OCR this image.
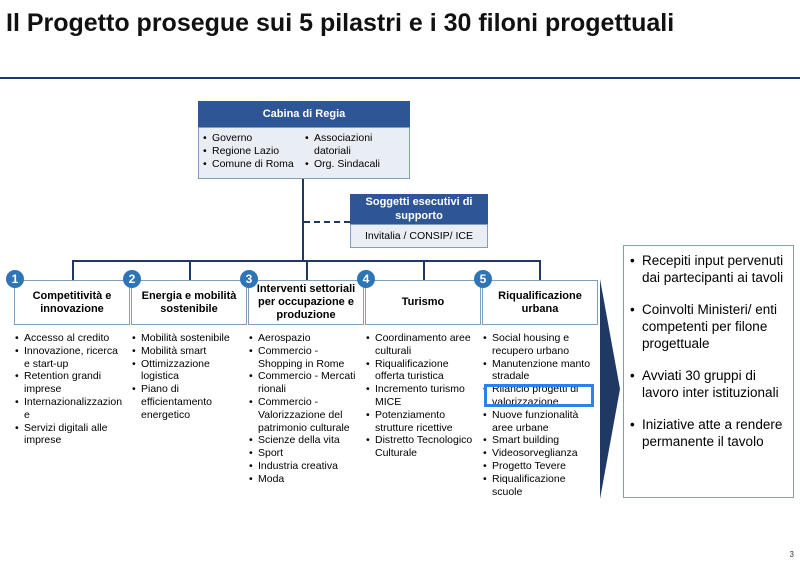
Il Progetto prosegue sui 5 pilastri e i 30 filoni progettuali
Cabina di Regia
• Governo
• Regione Lazio
• Comune di Roma
• Associazioni datoriali
• Org. Sindacali
Soggetti esecutivi di supporto
Invitalia / CONSIP/ ICE
Competitività e innovazione
Energia e mobilità sostenibile
Interventi settoriali per occupazione e produzione
Turismo
Riqualificazione urbana
1	2	3	4	5
• Accesso al credito
• Innovazione, ricerca e start-up
• Retention grandi imprese
• Internazionalizzazione
• Servizi digitali alle imprese
• Mobilità sostenibile
• Mobilità smart
• Ottimizzazione logistica
• Piano di efficientamento energetico
• Aerospazio
• Commercio - Shopping in Rome
• Commercio - Mercati rionali
• Commercio - Valorizzazione del patrimonio culturale
• Scienze della vita
• Sport
• Industria creativa
• Moda
• Coordinamento aree culturali
• Riqualificazione offerta turistica
• Incremento turismo MICE
• Potenziamento strutture ricettive
• Distretto Tecnologico Culturale
• Social housing e recupero urbano
• Manutenzione manto stradale
• Rilancio progetti di valorizzazione
• Nuove funzionalità aree urbane
• Smart building
• Videosorveglianza
• Progetto Tevere
• Riqualificazione scuole
• Recepiti input pervenuti dai partecipanti ai tavoli
• Coinvolti Ministeri/ enti competenti per filone progettuale
• Avviati 30 gruppi di lavoro inter istituzionali
• Iniziative atte a rendere permanente il tavolo
3
